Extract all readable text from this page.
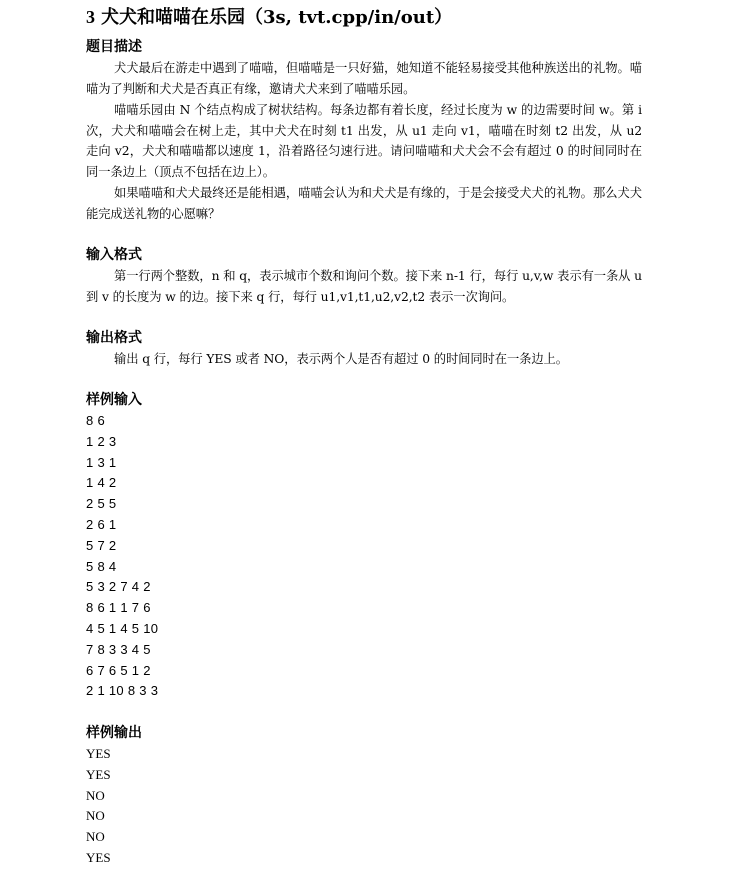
3 犬犬和喵喵在乐园（3s, tvt.cpp/in/out）
题目描述

犬犬最后在游走中遇到了喵喵，但喵喵是一只好猫，她知道不能轻易接受其他种族送出的礼物。喵喵为了判断和犬犬是否真正有缘，邀请犬犬来到了喵喵乐园。

喵喵乐园由 N 个结点构成了树状结构。每条边都有着长度，经过长度为 w 的边需要时间 w。第 i 次，犬犬和喵喵会在树上走，其中犬犬在时刻 t1 出发，从 u1 走向 v1，喵喵在时刻 t2 出发，从 u2 走向 v2，犬犬和喵喵都以速度 1，沿着路径匀速行进。请问喵喵和犬犬会不会有超过 0 的时间同时在同一条边上（顶点不包括在边上）。

如果喵喵和犬犬最终还是能相遇，喵喵会认为和犬犬是有缘的，于是会接受犬犬的礼物。那么犬犬能完成送礼物的心愿嘛？

输入格式

第一行两个整数，n 和 q，表示城市个数和询问个数。接下来 n-1 行，每行 u,v,w 表示有一条从 u 到 v 的长度为 w 的边。接下来 q 行，每行 u1,v1,t1,u2,v2,t2 表示一次询问。

输出格式

输出 q 行，每行 YES 或者 NO，表示两个人是否有超过 0 的时间同时在一条边上。

样例输入
8 6
1 2 3
1 3 1
1 4 2
2 5 5
2 6 1
5 7 2
5 8 4
5 3 2 7 4 2
8 6 1 1 7 6
4 5 1 4 5 10
7 8 3 3 4 5
6 7 6 5 1 2
2 1 10 8 3 3
样例输出
YES
YES
NO
NO
NO
YES
